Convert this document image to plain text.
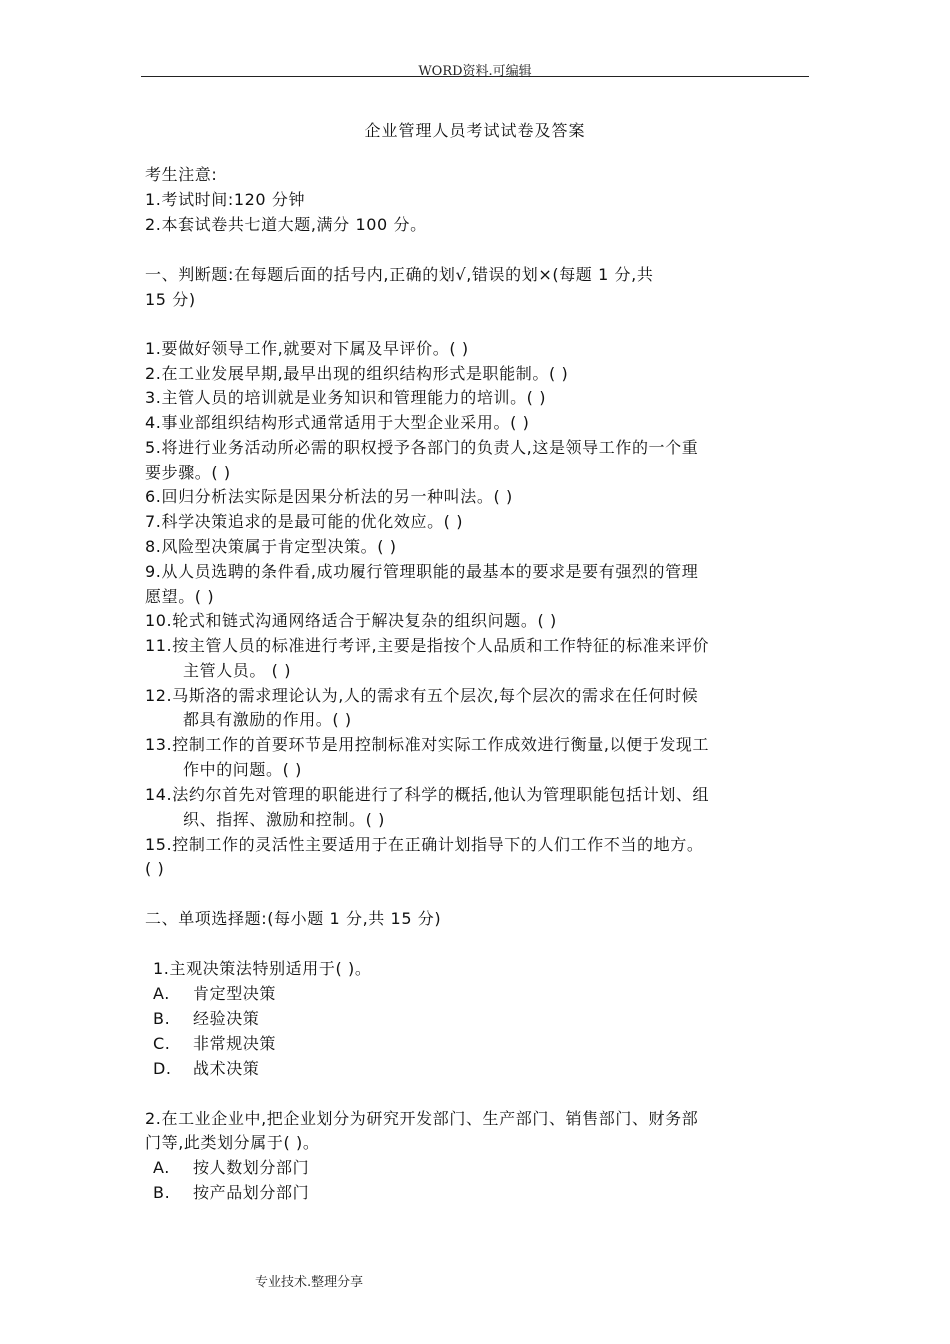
WORD资料.可编辑
企业管理人员考试试卷及答案
考生注意:
1.考试时间:120 分钟
2.本套试卷共七道大题,满分 100 分。
一、判断题:在每题后面的括号内,正确的划√,错误的划×(每题 1 分,共
15 分)
1.要做好领导工作,就要对下属及早评价。( )
2.在工业发展早期,最早出现的组织结构形式是职能制。( )
3.主管人员的培训就是业务知识和管理能力的培训。( )
4.事业部组织结构形式通常适用于大型企业采用。( )
5.将进行业务活动所必需的职权授予各部门的负责人,这是领导工作的一个重
要步骤。( )
6.回归分析法实际是因果分析法的另一种叫法。( )
7.科学决策追求的是最可能的优化效应。( )
8.风险型决策属于肯定型决策。( )
9.从人员选聘的条件看,成功履行管理职能的最基本的要求是要有强烈的管理
愿望。( )
10.轮式和链式沟通网络适合于解决复杂的组织问题。( )
11.按主管人员的标准进行考评,主要是指按个人品质和工作特征的标准来评价
主管人员。 ( )
12.马斯洛的需求理论认为,人的需求有五个层次,每个层次的需求在任何时候
都具有激励的作用。( )
13.控制工作的首要环节是用控制标准对实际工作成效进行衡量,以便于发现工
作中的问题。( )
14.法约尔首先对管理的职能进行了科学的概括,他认为管理职能包括计划、组
织、指挥、激励和控制。( )
15.控制工作的灵活性主要适用于在正确计划指导下的人们工作不当的地方。
( )
二、单项选择题:(每小题 1 分,共 15 分)
1.主观决策法特别适用于( )。
A. 肯定型决策
B. 经验决策
C. 非常规决策
D. 战术决策
2.在工业企业中,把企业划分为研究开发部门、生产部门、销售部门、财务部
门等,此类划分属于( )。
A. 按人数划分部门
B. 按产品划分部门
专业技术.整理分享
